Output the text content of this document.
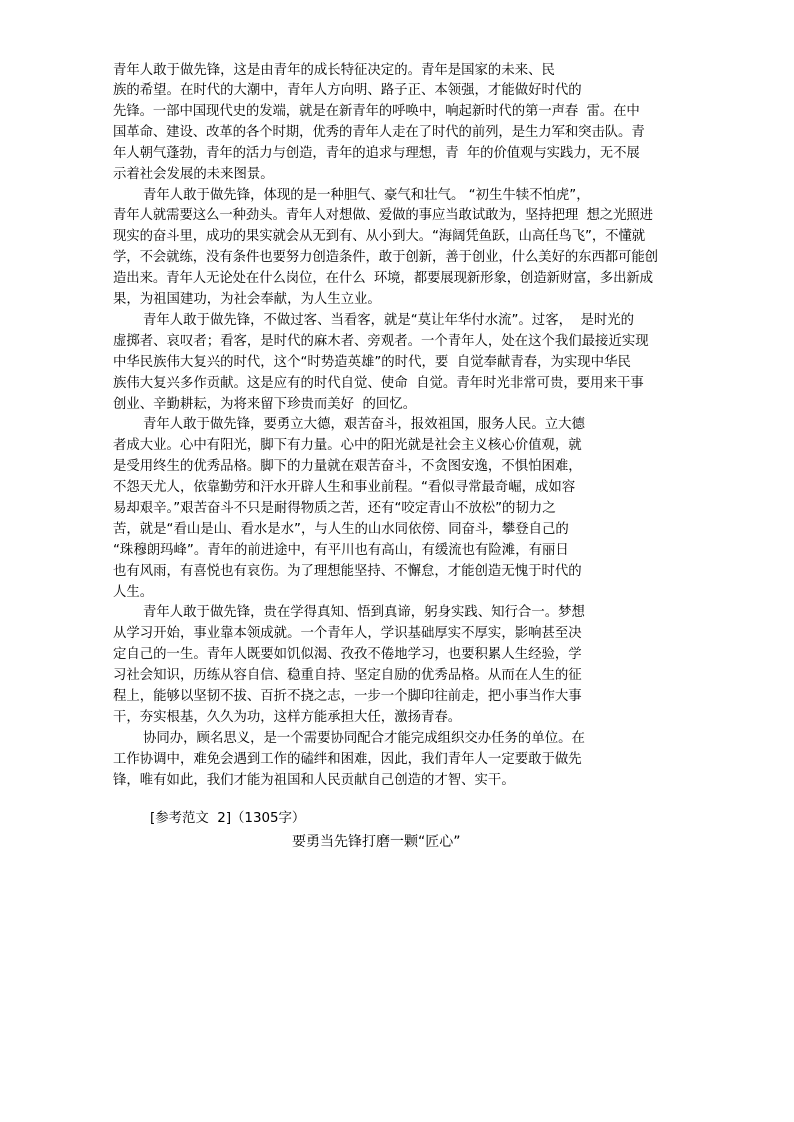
青年人敢于做先锋，这是由青年的成长特征决定的。青年是国家的未来、民
族的希望。在时代的大潮中，青年人方向明、路子正、本领强，才能做好时代的
先锋。一部中国现代史的发端，就是在新青年的呼唤中，响起新时代的第一声春  雷。在中
国革命、建设、改革的各个时期，优秀的青年人走在了时代的前列，是生力军和突击队。青
年人朝气蓬勃，青年的活力与创造，青年的追求与理想，青  年的价值观与实践力，无不展
示着社会发展的未来图景。
青年人敢于做先锋，体现的是一种胆气、豪气和壮气。 “初生牛犊不怕虎”，
青年人就需要这么一种劲头。青年人对想做、爱做的事应当敢试敢为，坚持把理  想之光照进
现实的奋斗里，成功的果实就会从无到有、从小到大。“海阔凭鱼跃，山高任鸟飞”，不懂就
学，不会就练，没有条件也要努力创造条件，敢于创新，善于创业，什么美好的东西都可能创
造出来。青年人无论处在什么岗位，在什么  环境，都要展现新形象，创造新财富，多出新成
果，为祖国建功，为社会奉献，为人生立业。
青年人敢于做先锋，不做过客、当看客，就是“莫让年华付水流”。过客，  是时光的
虚掷者、哀叹者；看客，是时代的麻木者、旁观者。一个青年人，处在这个我们最接近实现
中华民族伟大复兴的时代，这个“时势造英雄”的时代，要  自觉奉献青春，为实现中华民
族伟大复兴多作贡献。这是应有的时代自觉、使命  自觉。青年时光非常可贵，要用来干事
创业、辛勤耕耘，为将来留下珍贵而美好  的回忆。
青年人敢于做先锋，要勇立大德，艰苦奋斗，报效祖国，服务人民。立大德
者成大业。心中有阳光，脚下有力量。心中的阳光就是社会主义核心价值观，就
是受用终生的优秀品格。脚下的力量就在艰苦奋斗，不贪图安逸，不惧怕困难，
不怨天尤人，依靠勤劳和汗水开辟人生和事业前程。“看似寻常最奇崛，成如容
易却艰辛。”艰苦奋斗不只是耐得物质之苦，还有“咬定青山不放松”的韧力之
苦，就是“看山是山、看水是水”，与人生的山水同依傍、同奋斗，攀登自己的
“珠穆朗玛峰”。青年的前进途中，有平川也有高山，有缓流也有险滩，有丽日
也有风雨，有喜悦也有哀伤。为了理想能坚持、不懈怠，才能创造无愧于时代的
人生。
青年人敢于做先锋，贵在学得真知、悟到真谛，躬身实践、知行合一。梦想
从学习开始，事业靠本领成就。一个青年人，学识基础厚实不厚实，影响甚至决
定自己的一生。青年人既要如饥似渴、孜孜不倦地学习，也要积累人生经验，学
习社会知识，历练从容自信、稳重自持、坚定自励的优秀品格。从而在人生的征
程上，能够以坚韧不拔、百折不挠之志，一步一个脚印往前走，把小事当作大事
干，夯实根基，久久为功，这样方能承担大任，激扬青春。
协同办，顾名思义，是一个需要协同配合才能完成组织交办任务的单位。在
工作协调中，难免会遇到工作的磕绊和困难，因此，我们青年人一定要敢于做先
锋，唯有如此，我们才能为祖国和人民贡献自己创造的才智、实干。
[参考范文  2]（1305字）
要勇当先锋打磨一颗“匠心”
